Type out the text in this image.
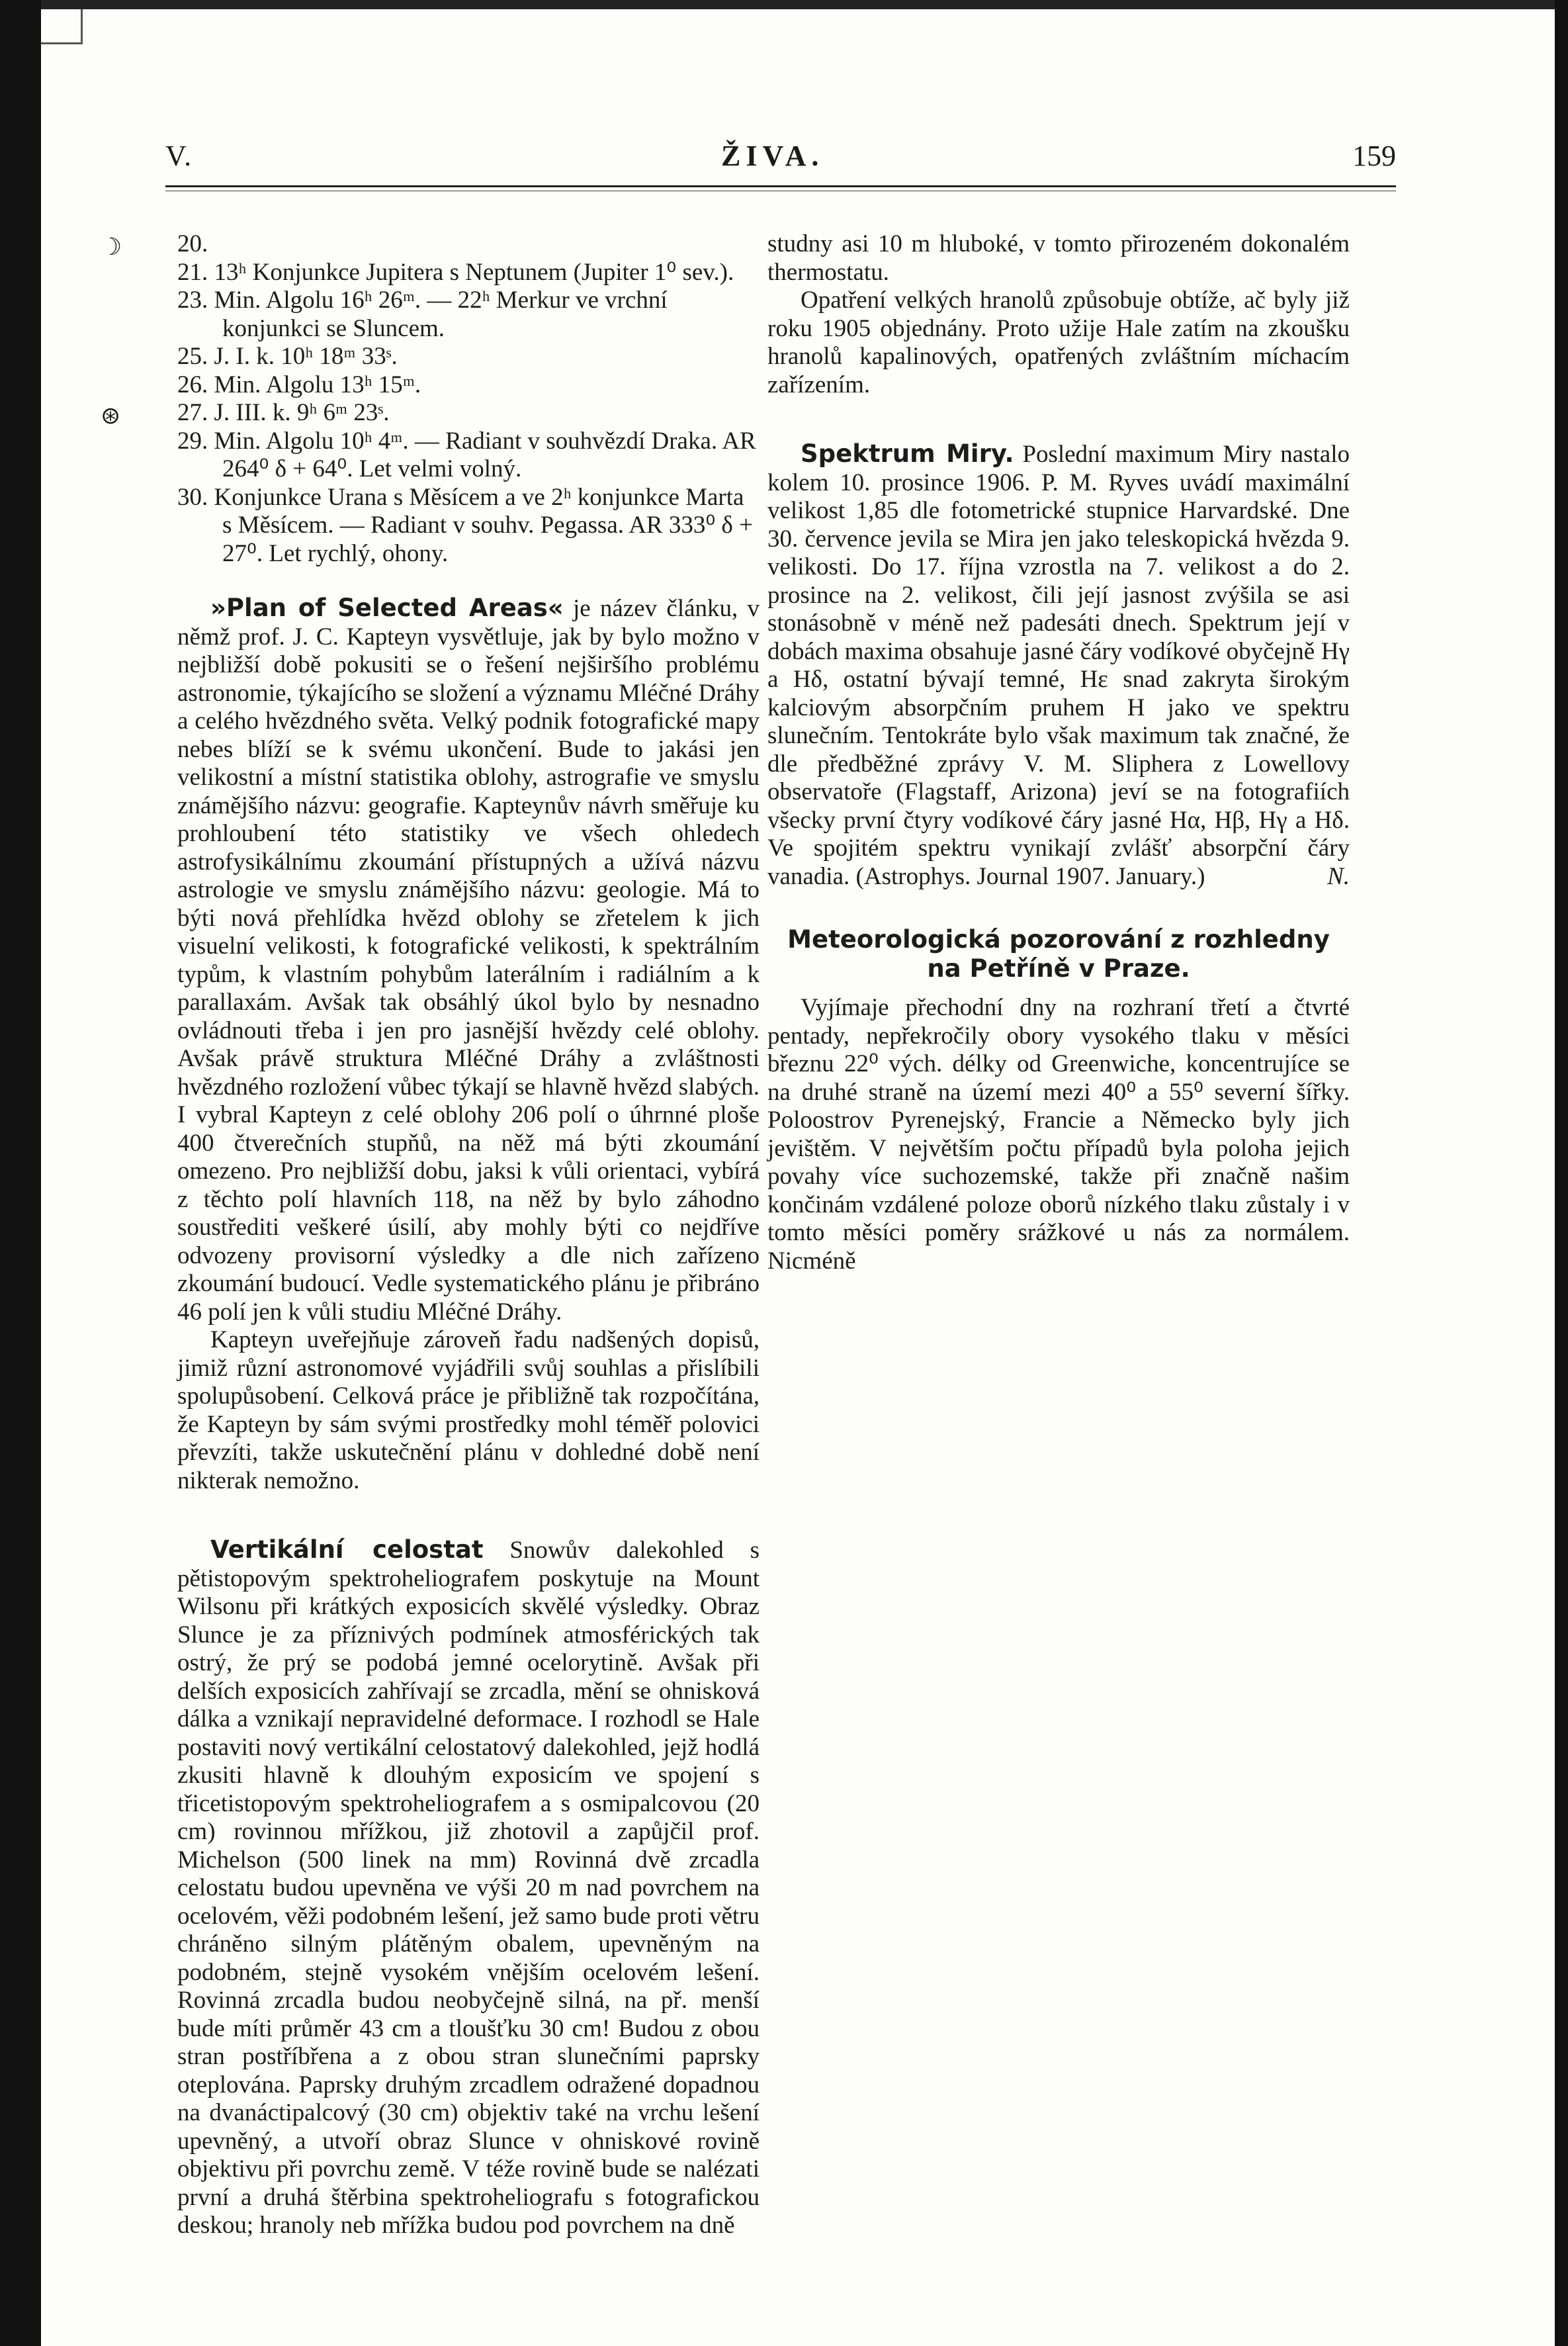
V.	ŽIVA.	159
☽	20.
21. 13ʰ Konjunkce Jupitera s Neptunem (Jupiter 1⁰ sev.).
23. Min. Algolu 16ʰ 26ᵐ. — 22ʰ Merkur ve vrchní konjunkci se Sluncem.
25. J. I. k. 10ʰ 18ᵐ 33ˢ.
26. Min. Algolu 13ʰ 15ᵐ.
⊛	27. J. III. k. 9ʰ 6ᵐ 23ˢ.
29. Min. Algolu 10ʰ 4ᵐ. — Radiant v souhvězdí Draka. AR 264⁰ δ + 64⁰. Let velmi volný.
30. Konjunkce Urana s Měsícem a ve 2ʰ konjunkce Marta s Měsícem. — Radiant v souhv. Pegassa. AR 333⁰ δ + 27⁰. Let rychlý, ohony.

»Plan of Selected Areas« je název článku, v němž prof. J. C. Kapteyn vysvětluje, jak by bylo možno v nejbližší době pokusiti se o řešení nejširšího problému astronomie, týkajícího se složení a významu Mléčné Dráhy a celého hvězdného světa. Velký podnik fotografické mapy nebes blíží se k svému ukončení. Bude to jakási jen velikostní a místní statistika oblohy, astrografie ve smyslu známějšího názvu: geografie. Kapteynův návrh směřuje ku prohloubení této statistiky ve všech ohledech astrofysikálnímu zkoumání přístupných a užívá názvu astrologie ve smyslu známějšího názvu: geologie. Má to býti nová přehlídka hvězd oblohy se zřetelem k jich visuelní velikosti, k fotografické velikosti, k spektrálním typům, k vlastním pohybům laterálním i radiálním a k parallaxám. Avšak tak obsáhlý úkol bylo by nesnadno ovládnouti třeba i jen pro jasnější hvězdy celé oblohy. Avšak právě struktura Mléčné Dráhy a zvláštnosti hvězdného rozložení vůbec týkají se hlavně hvězd slabých. I vybral Kapteyn z celé oblohy 206 polí o úhrnné ploše 400 čtverečních stupňů, na něž má býti zkoumání omezeno. Pro nejbližší dobu, jaksi k vůli orientaci, vybírá z těchto polí hlavních 118, na něž by bylo záhodno soustřediti veškeré úsilí, aby mohly býti co nejdříve odvozeny provisorní výsledky a dle nich zařízeno zkoumání budoucí. Vedle systematického plánu je přibráno 46 polí jen k vůli studiu Mléčné Dráhy.

Kapteyn uveřejňuje zároveň řadu nadšených dopisů, jimiž různí astronomové vyjádřili svůj souhlas a přislíbili spolupůsobení. Celková práce je přibližně tak rozpočítána, že Kapteyn by sám svými prostředky mohl téměř polovici převzíti, takže uskutečnění plánu v dohledné době není nikterak nemožno.

Vertikální celostat Snowův dalekohled s pětistopovým spektroheliografem poskytuje na Mount Wilsonu při krátkých exposicích skvělé výsledky. Obraz Slunce je za příznivých podmínek atmosférických tak ostrý, že prý se podobá jemné ocelorytině. Avšak při delších exposicích zahřívají se zrcadla, mění se ohnisková dálka a vznikají nepravidelné deformace. I rozhodl se Hale postaviti nový vertikální celostatový dalekohled, jejž hodlá zkusiti hlavně k dlouhým exposicím ve spojení s třicetistopovým spektroheliografem a s osmipalcovou (20 cm) rovinnou mřížkou, již zhotovil a zapůjčil prof. Michelson (500 linek na mm) Rovinná dvě zrcadla celostatu budou upevněna ve výši 20 m nad povrchem na ocelovém, věži podobném lešení, jež samo bude proti větru chráněno silným plátěným obalem, upevněným na podobném, stejně vysokém vnějším ocelovém lešení. Rovinná zrcadla budou neobyčejně silná, na př. menší bude míti průměr 43 cm a tloušťku 30 cm! Budou z obou stran postříbřena a z obou stran slunečními paprsky oteplována. Paprsky druhým zrcadlem odražené dopadnou na dvanáctipalcový (30 cm) objektiv také na vrchu lešení upevněný, a utvoří obraz Slunce v ohniskové rovině objektivu při povrchu země. V téže rovině bude se nalézati první a druhá štěrbina spektroheliografu s fotografickou deskou; hranoly neb mřížka budou pod povrchem na dně

studny asi 10 m hluboké, v tomto přirozeném dokonalém thermostatu.

Opatření velkých hranolů způsobuje obtíže, ač byly již roku 1905 objednány. Proto užije Hale zatím na zkoušku hranolů kapalinových, opatřených zvláštním míchacím zařízením.

Spektrum Miry. Poslední maximum Miry nastalo kolem 10. prosince 1906. P. M. Ryves uvádí maximální velikost 1,85 dle fotometrické stupnice Harvardské. Dne 30. července jevila se Mira jen jako teleskopická hvězda 9. velikosti. Do 17. října vzrostla na 7. velikost a do 2. prosince na 2. velikost, čili její jasnost zvýšila se asi stonásobně v méně než padesáti dnech. Spektrum její v dobách maxima obsahuje jasné čáry vodíkové obyčejně Hγ a Hδ, ostatní bývají temné, Hε snad zakryta širokým kalciovým absorpčním pruhem H jako ve spektru slunečním. Tentokráte bylo však maximum tak značné, že dle předběžné zprávy V. M. Sliphera z Lowellovy observatoře (Flagstaff, Arizona) jeví se na fotografiích všecky první čtyry vodíkové čáry jasné Hα, Hβ, Hγ a Hδ. Ve spojitém spektru vynikají zvlášť absorpční čáry vanadia. (Astrophys. Journal 1907. January.)	N.

Meteorologická pozorování z rozhledny
na Petříně v Praze.

Vyjímaje přechodní dny na rozhraní třetí a čtvrté pentady, nepřekročily obory vysokého tlaku v měsíci březnu 22⁰ vých. délky od Greenwiche, koncentrujíce se na druhé straně na území mezi 40⁰ a 55⁰ severní šířky. Poloostrov Pyrenejský, Francie a Německo byly jich jevištěm. V největším počtu případů byla poloha jejich povahy více suchozemské, takže při značně našim končinám vzdálené poloze oborů nízkého tlaku zůstaly i v tomto měsíci poměry srážkové u nás za normálem. Nicméně
